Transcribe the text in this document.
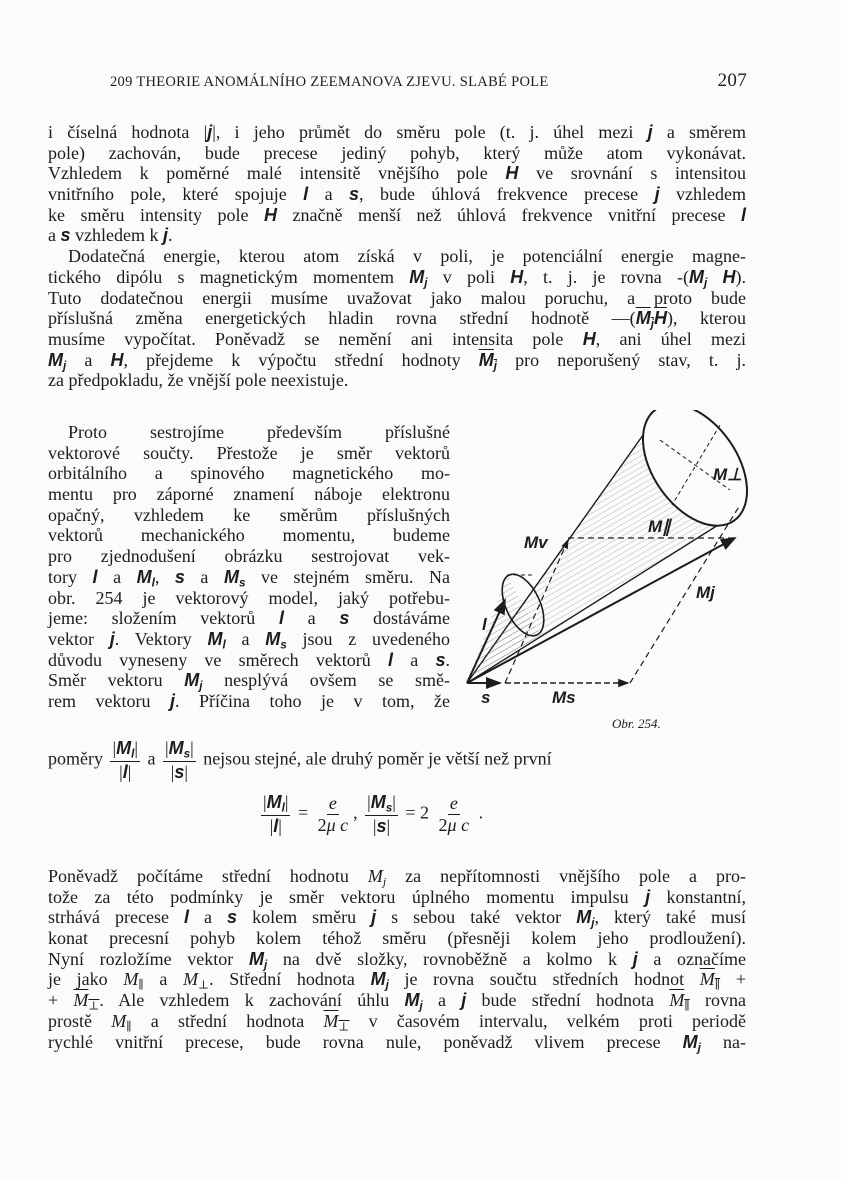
209 THEORIE ANOMÁLNÍHO ZEEMANOVA ZJEVU. SLABÉ POLE	207
i číselná hodnota |j|, i jeho průmět do směru pole (t. j. úhel mezi j a směrem
pole) zachován, bude precese jediný pohyb, který může atom vykonávat.
Vzhledem k poměrné malé intensitě vnějšího pole H ve srovnání s intensitou
vnitřního pole, které spojuje l a s, bude úhlová frekvence precese j vzhledem
ke směru intensity pole H značně menší než úhlová frekvence vnitřní precese l
a s vzhledem k j.
Dodatečná energie, kterou atom získá v poli, je potenciální energie magne-
tického dipólu s magnetickým momentem $M_j$ v poli H, t. j. je rovna $-(M_j$ H).
Tuto dodatečnou energii musíme uvažovat jako malou poruchu, a proto bude
příslušná změna energetických hladin rovna střední hodnotě $—(M_j\overline{H})$, kterou
musíme vypočítat. Poněvadž se nemění ani intensita pole H, ani úhel mezi
$M_j$ a H, přejdeme k výpočtu střední hodnoty $M_j$ pro neporušený stav, t. j.
za předpokladu, že vnější pole neexistuje.
Proto sestrojíme především příslušné
vektorové součty. Přestože je směr vektorů
orbitálního a spinového magnetického mo-
mentu pro záporné znamení náboje elektronu
opačný, vzhledem ke směrům příslušných
vektorů mechanického momentu, budeme
pro zjednodušení obrázku sestrojovat vek-
tory l a $M_l$, s a $M_s$ ve stejném směru. Na
obr. 254 je vektorový model, jaký potřebu-
jeme: složením vektorů l a s dostáváme
vektor j. Vektory $M_l$ a $M_s$ jsou z uvedeného
důvodu vyneseny ve směrech vektorů l a s.
Směr vektoru $M_j$ nesplývá ovšem se smě-
rem vektoru j. Příčina toho je v tom, že
poměry $\frac{|M_l|}{|l|}$ a $\frac{|M_s|}{|s|}$ nejsou stejné, ale druhý poměr je větší než první
$\frac{|M_l|}{|l|} = \frac{e}{\text{2μ c}}$ , $\frac{|M_s|}{|s|} = 2 \frac{e}{\text{2μ c}}$ .
Poněvadž počítáme střední hodnotu $M_j$ za nepřítomnosti vnějšího pole a pro-
tože za této podmínky je směr vektoru úplného momentu impulsu j konstantní,
strhává precese l a s kolem směru j s sebou také vektor $M_j$, který také musí
konat precesní pohyb kolem téhož směru (přesněji kolem jeho prodloužení).
Nyní rozložíme vektor $M_j$ na dvě složky, rovnoběžně a kolmo k j a označíme
je jako $M_\parallel$ a $M_\perp$. Střední hodnota $M_j$ je rovna součtu středních hodnot $M_\parallel$ +
+ $M_\perp$. Ale vzhledem k zachování úhlu $M_j$ a j bude střední hodnota $M_\parallel$ rovna
prostě $M_\parallel$ a střední hodnota $M_\perp$ v časovém intervalu, velkém proti periodě
rychlé vnitřní precese, bude rovna nule, poněvadž vlivem precese $M_j$ na-
M⊥
M∥
Mv
Mj
l
s	Ms
Obr. 254.
